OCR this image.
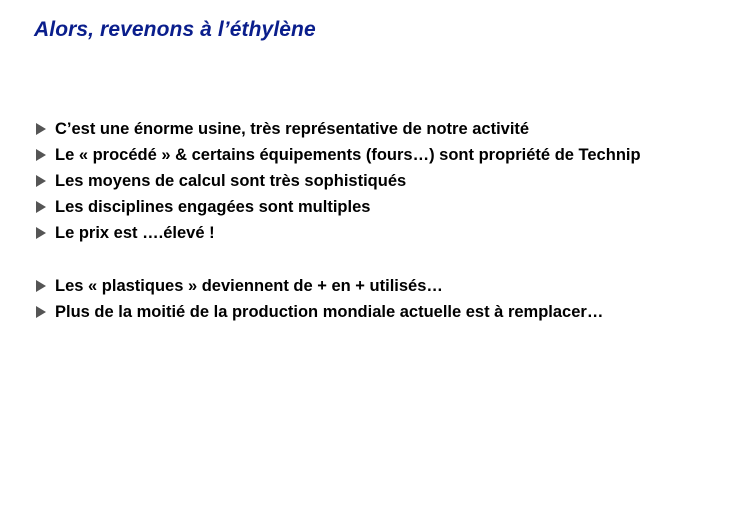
Alors, revenons à l’éthylène
C’est une énorme usine, très représentative de notre activité
Le « procédé » & certains équipements (fours…) sont propriété de Technip
Les moyens de calcul sont très sophistiqués
Les disciplines engagées sont multiples
Le prix est ….élevé !
Les « plastiques » deviennent de + en + utilisés…
Plus de la moitié de la production mondiale actuelle est à remplacer…
